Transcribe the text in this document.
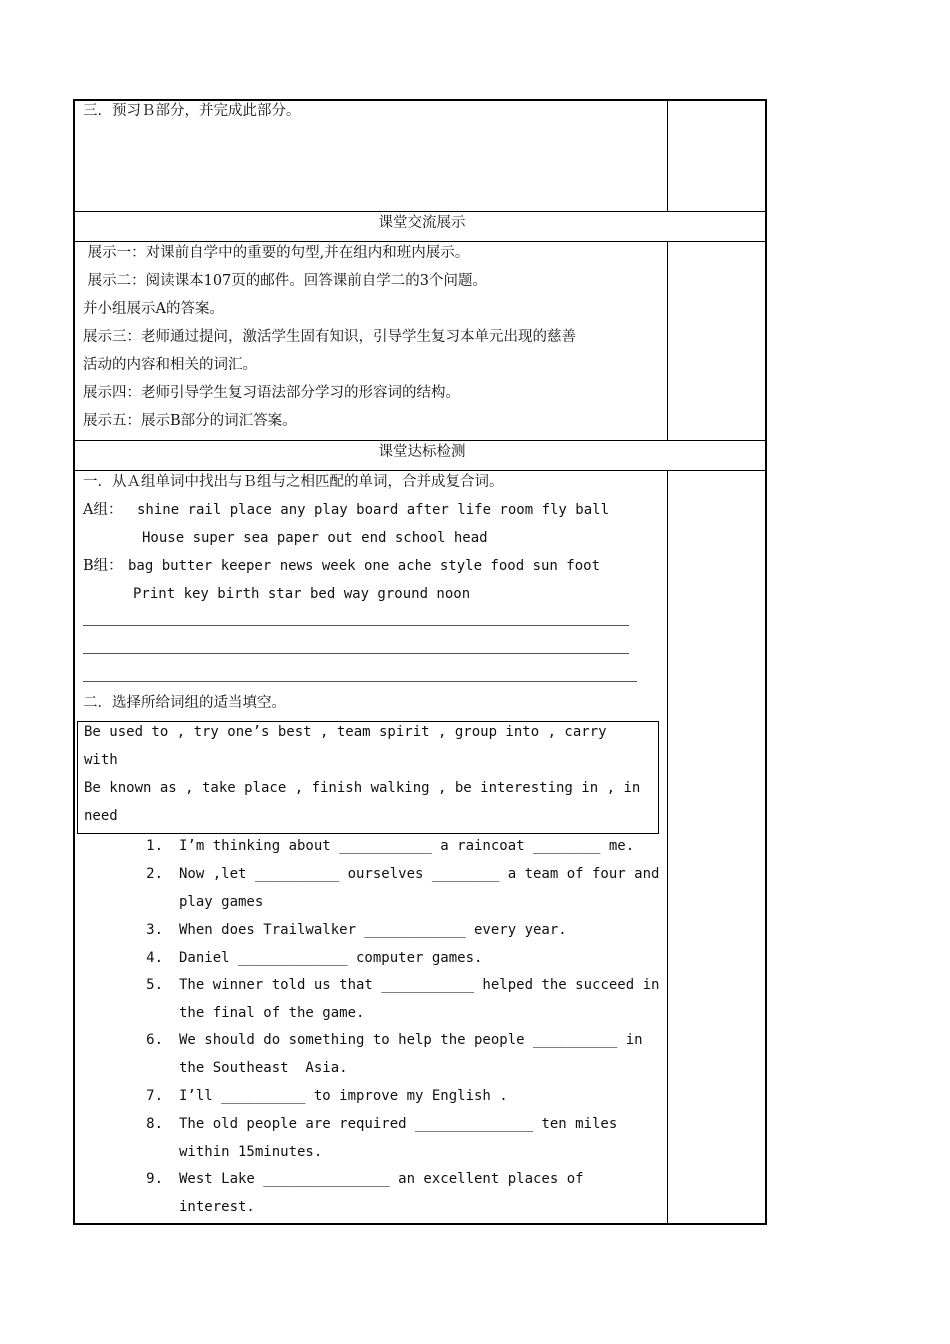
三．预习Ｂ部分，并完成此部分。
课堂交流展示
展示一：对课前自学中的重要的句型,并在组内和班内展示。
展示二：阅读课本107页的邮件。回答课前自学二的3个问题。
并小组展示A的答案。
展示三：老师通过提问，激活学生固有知识，引导学生复习本单元出现的慈善
活动的内容和相关的词汇。
展示四：老师引导学生复习语法部分学习的形容词的结构。
展示五：展示B部分的词汇答案。
课堂达标检测
一．从Ａ组单词中找出与Ｂ组与之相匹配的单词，合并成复合词。
A组： shine rail place any play board after life room fly ball
House super sea paper out end school head
B组： bag butter keeper news week one ache style food sun foot
Print key birth star bed way ground noon
二．选择所给词组的适当填空。
Be used to , try one’s best , team spirit , group into , carry
with
Be known as , take place , finish walking , be interesting in , in
need
1. I’m thinking about ___________ a raincoat ________ me.
2. Now ,let __________ ourselves ________ a team of four and
play games
3. When does Trailwalker ____________ every year.
4. Daniel _____________ computer games.
5. The winner told us that ___________ helped the succeed in
the final of the game.
6. We should do something to help the people __________ in
the Southeast  Asia.
7. I’ll __________ to improve my English .
8. The old people are required ______________ ten miles
within 15minutes.
9. West Lake _______________ an excellent places of
interest.
